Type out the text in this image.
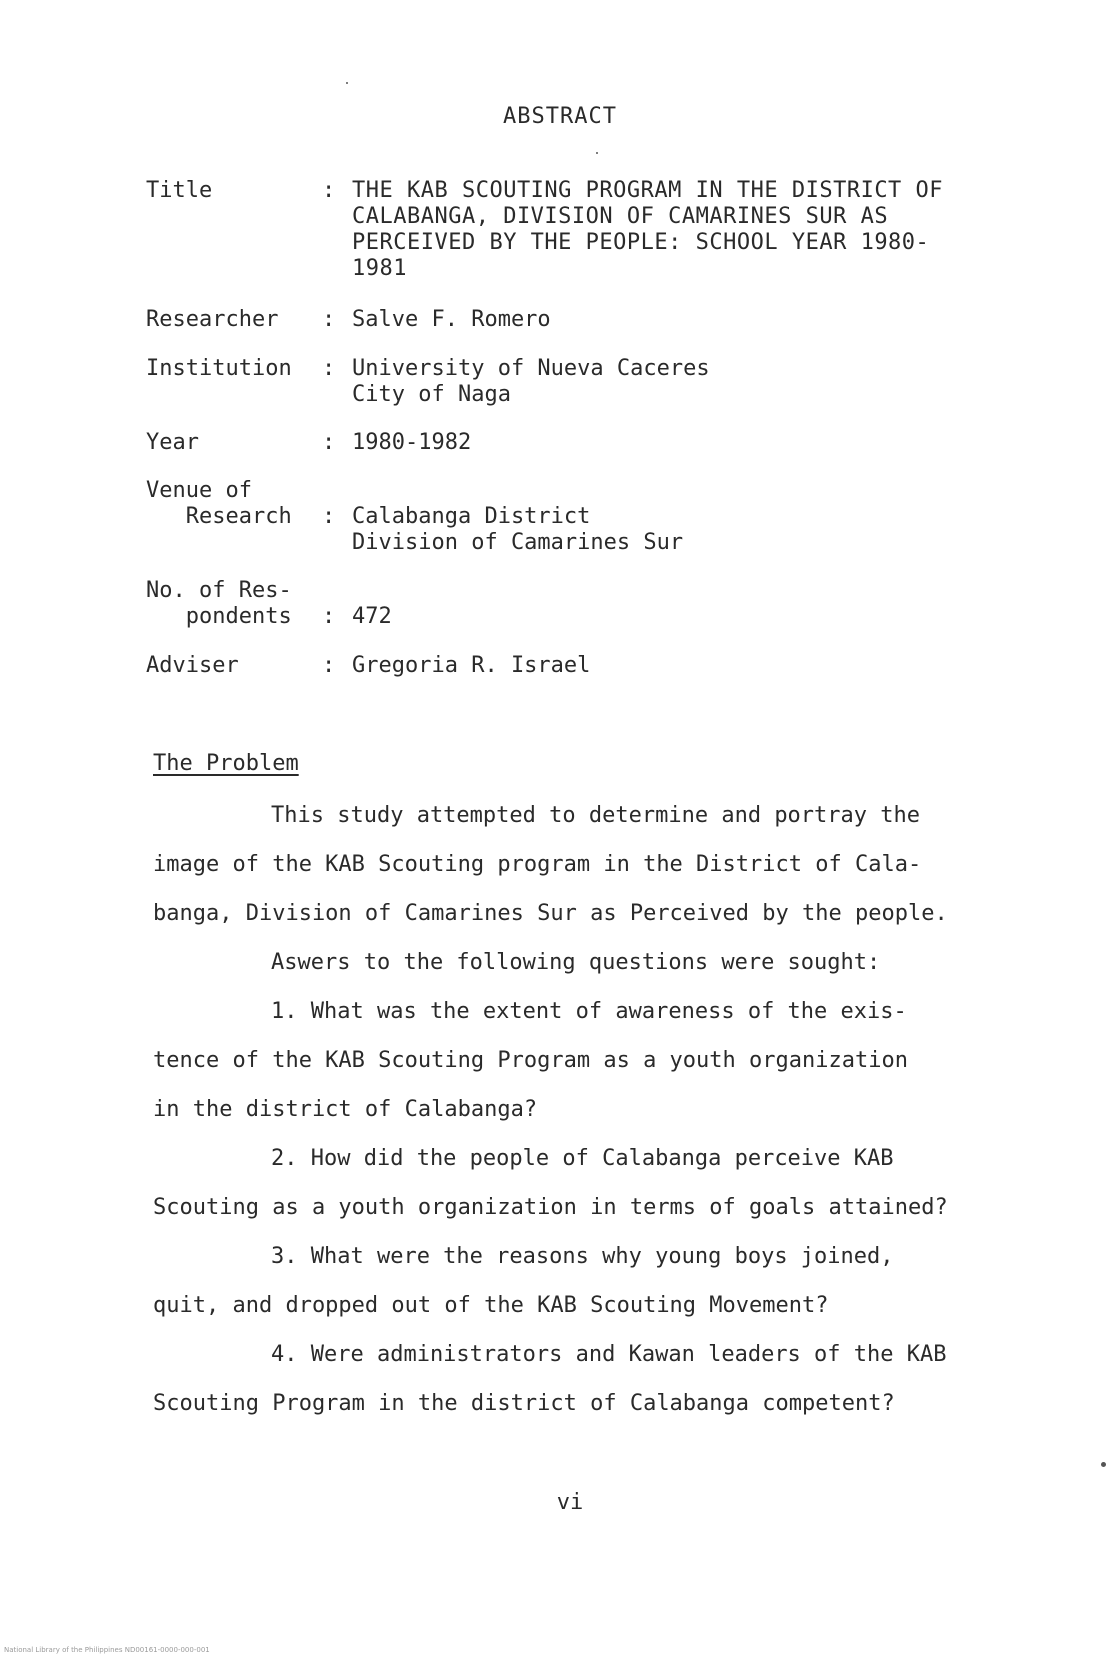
ABSTRACT
Title	: THE KAB SCOUTING PROGRAM IN THE DISTRICT OF
CALABANGA, DIVISION OF CAMARINES SUR AS
PERCEIVED BY THE PEOPLE: SCHOOL YEAR 1980-
1981
Researcher	: Salve F. Romero
Institution	: University of Nueva Caceres
City of Naga
Year	: 1980-1982
Venue of
Research	: Calabanga District
Division of Camarines Sur
No. of Res-
pondents	: 472
Adviser	: Gregoria R. Israel
The Problem
This study attempted to determine and portray the
image of the KAB Scouting program in the District of Cala-
banga, Division of Camarines Sur as Perceived by the people.
Aswers to the following questions were sought:
1. What was the extent of awareness of the exis-
tence of the KAB Scouting Program as a youth organization
in the district of Calabanga?
2. How did the people of Calabanga perceive KAB
Scouting as a youth organization in terms of goals attained?
3. What were the reasons why young boys joined,
quit, and dropped out of the KAB Scouting Movement?
4. Were administrators and Kawan leaders of the KAB
Scouting Program in the district of Calabanga competent?
vi
National Library of the Philippines ND00161-0000-000-001
